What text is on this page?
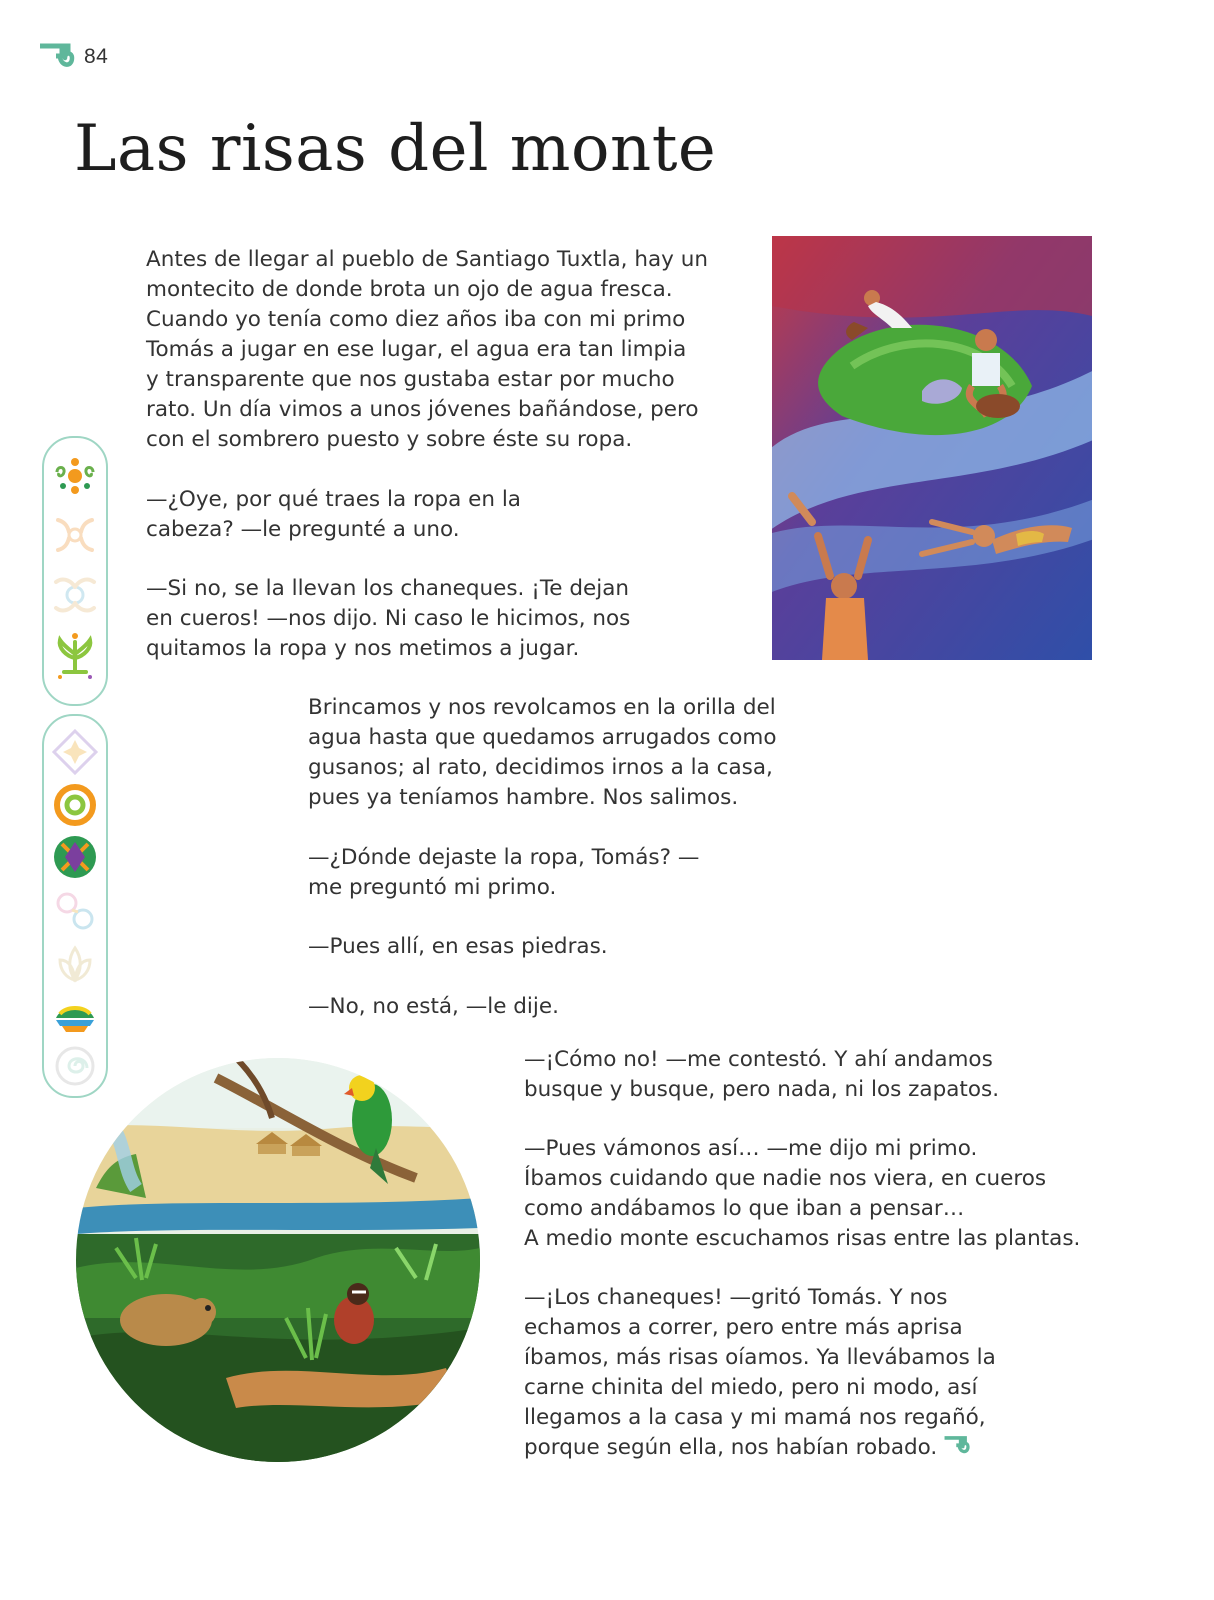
84
Las risas del monte

Antes de llegar al pueblo de Santiago Tuxtla, hay un
montecito de donde brota un ojo de agua fresca.
Cuando yo tenía como diez años iba con mi primo
Tomás a jugar en ese lugar, el agua era tan limpia
y transparente que nos gustaba estar por mucho
rato. Un día vimos a unos jóvenes bañándose, pero
con el sombrero puesto y sobre éste su ropa.

—¿Oye, por qué traes la ropa en la
cabeza? —le pregunté a uno.

—Si no, se la llevan los chaneques. ¡Te dejan
en cueros! —nos dijo. Ni caso le hicimos, nos
quitamos la ropa y nos metimos a jugar.

Brincamos y nos revolcamos en la orilla del
agua hasta que quedamos arrugados como
gusanos; al rato, decidimos irnos a la casa,
pues ya teníamos hambre. Nos salimos.

—¿Dónde dejaste la ropa, Tomás? —
me preguntó mi primo.

—Pues allí, en esas piedras.

—No, no está, —le dije.

—¡Cómo no! —me contestó. Y ahí andamos
busque y busque, pero nada, ni los zapatos.

—Pues vámonos así… —me dijo mi primo.
Íbamos cuidando que nadie nos viera, en cueros
como andábamos lo que iban a pensar…
A medio monte escuchamos risas entre las plantas.

—¡Los chaneques! —gritó Tomás. Y nos
echamos a correr, pero entre más aprisa
íbamos, más risas oíamos. Ya llevábamos la
carne chinita del miedo, pero ni modo, así
llegamos a la casa y mi mamá nos regañó,
porque según ella, nos habían robado.
